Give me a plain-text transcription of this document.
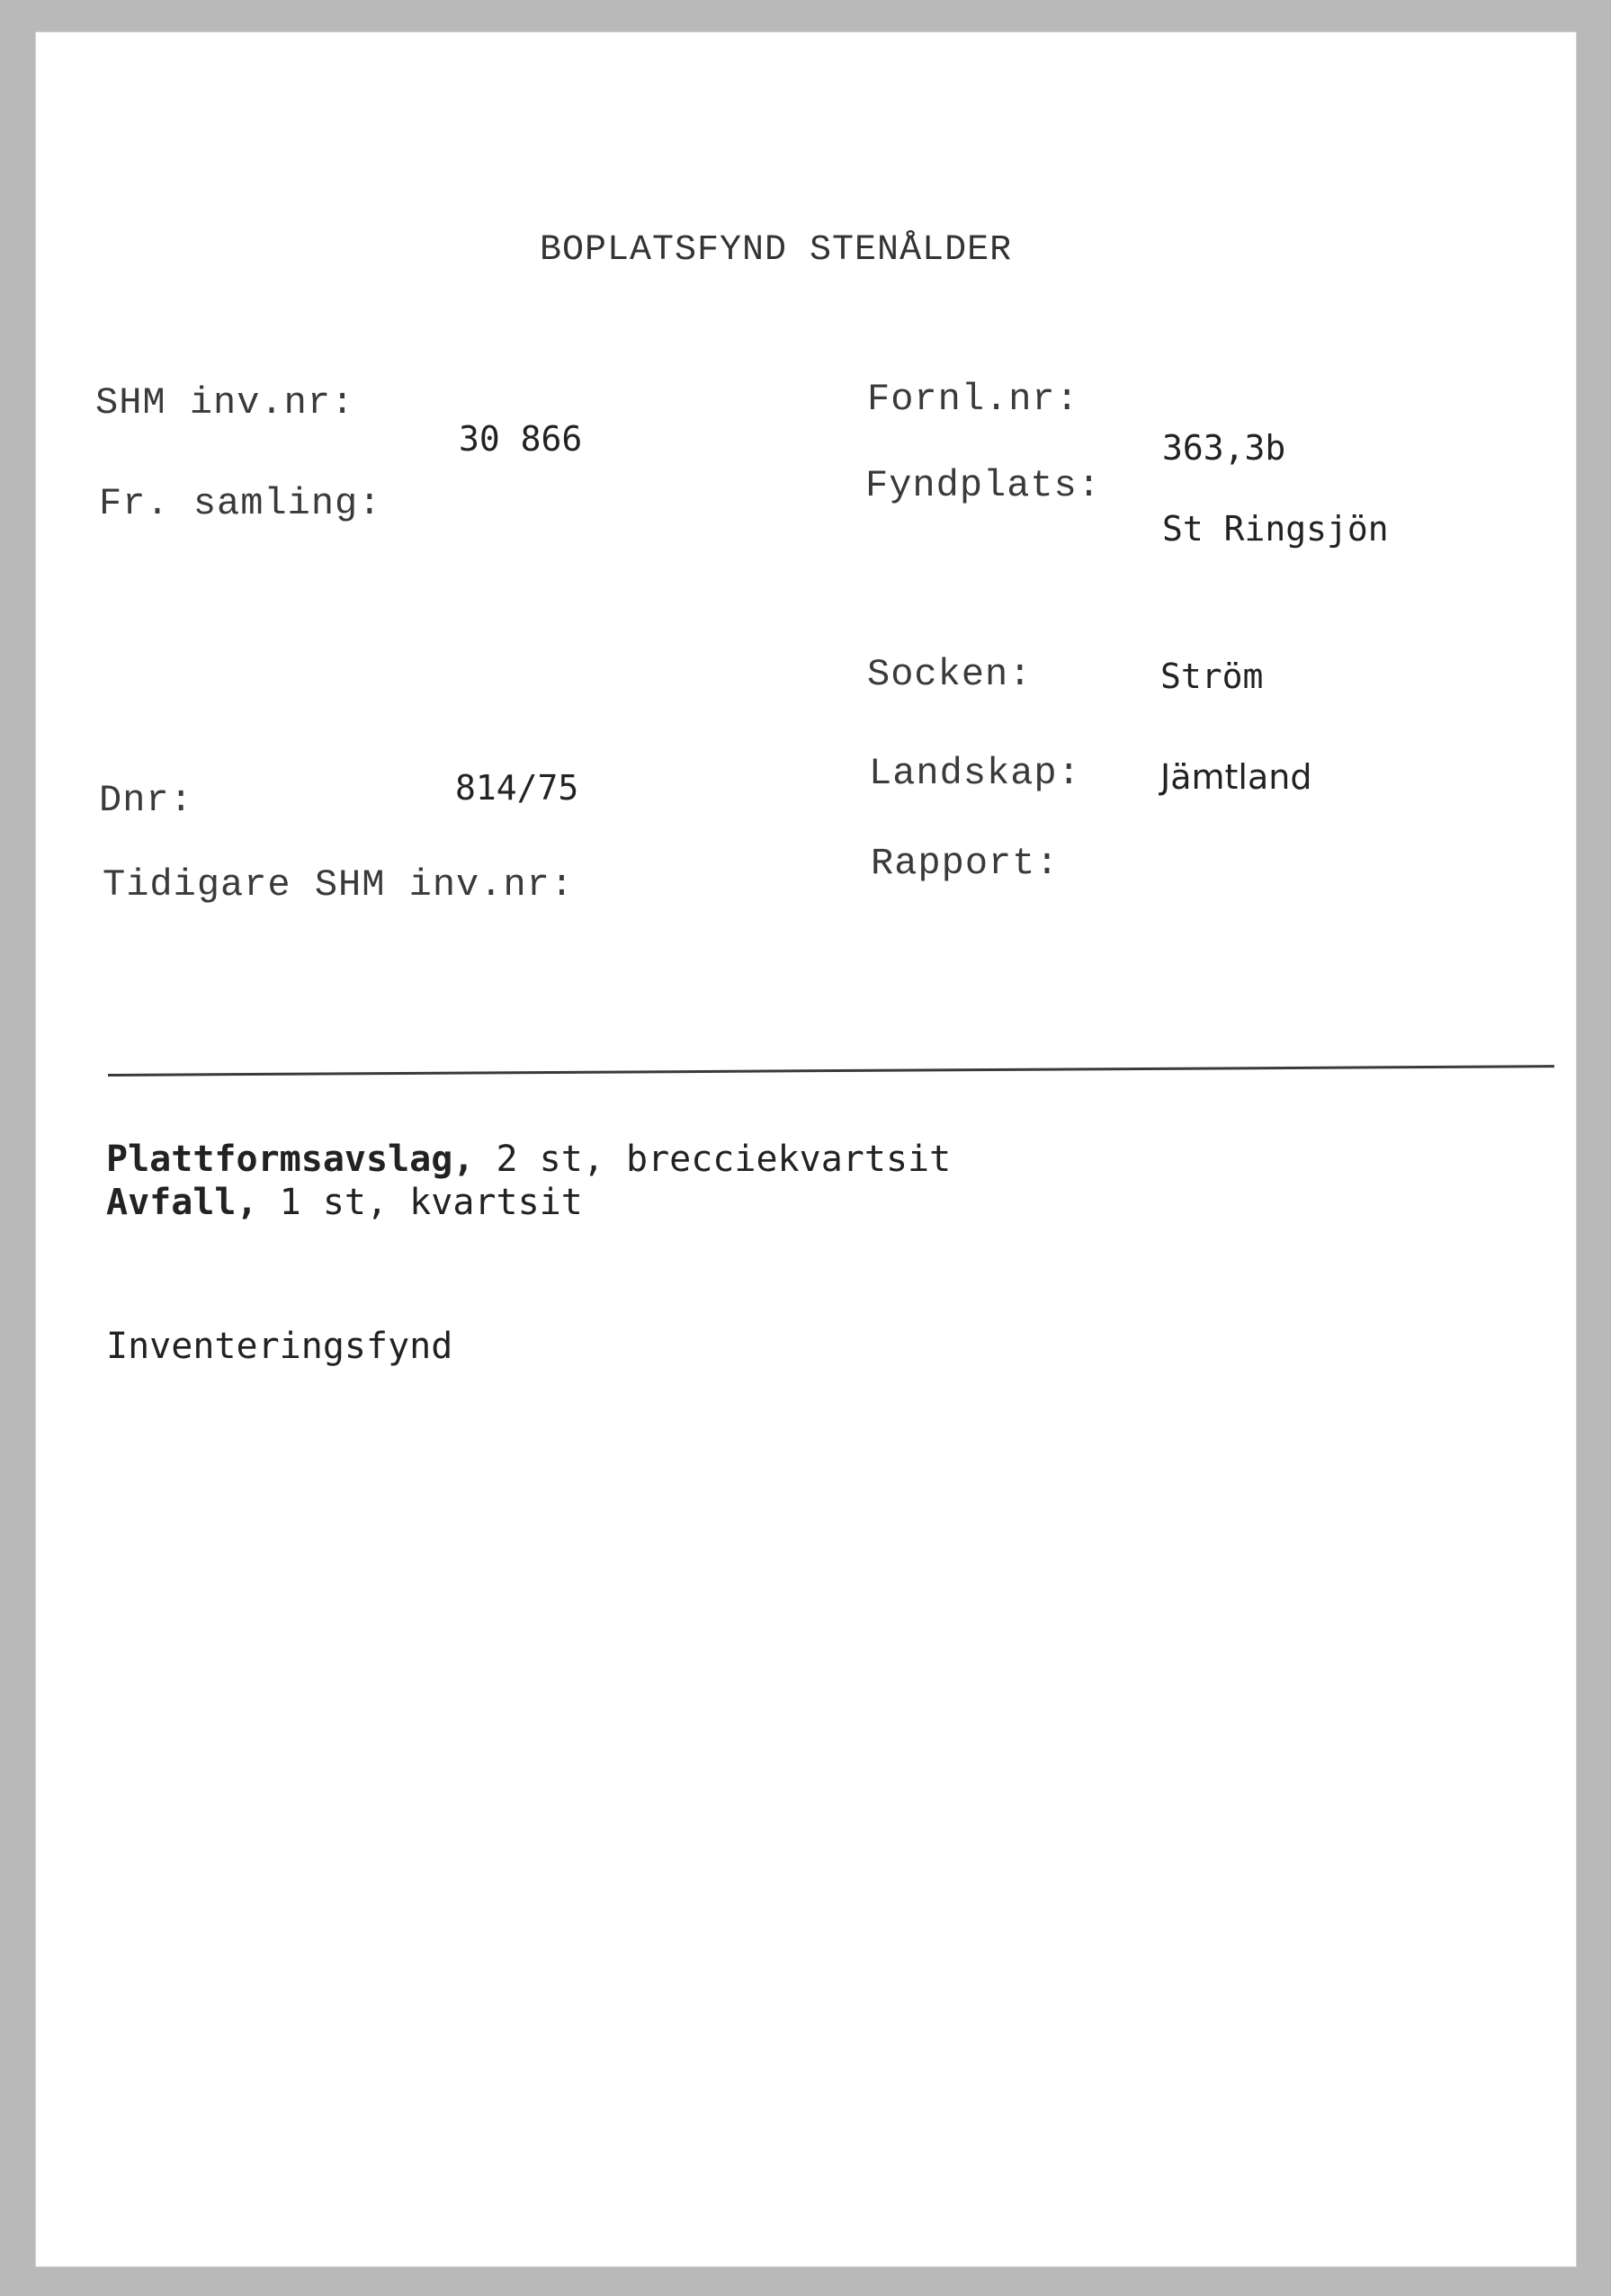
BOPLATSFYND STENÅLDER
SHM inv.nr:
30 866
Fr. samling:
Dnr:	814/75
Tidigare SHM inv.nr:
Fornl.nr:
363,3b
Fyndplats:
St Ringsjön
Socken:	Ström
Landskap: Jämtland
Rapport:
Plattformsavslag, 2 st, brecciekvartsit
Avfall, 1 st, kvartsit
Inventeringsfynd
